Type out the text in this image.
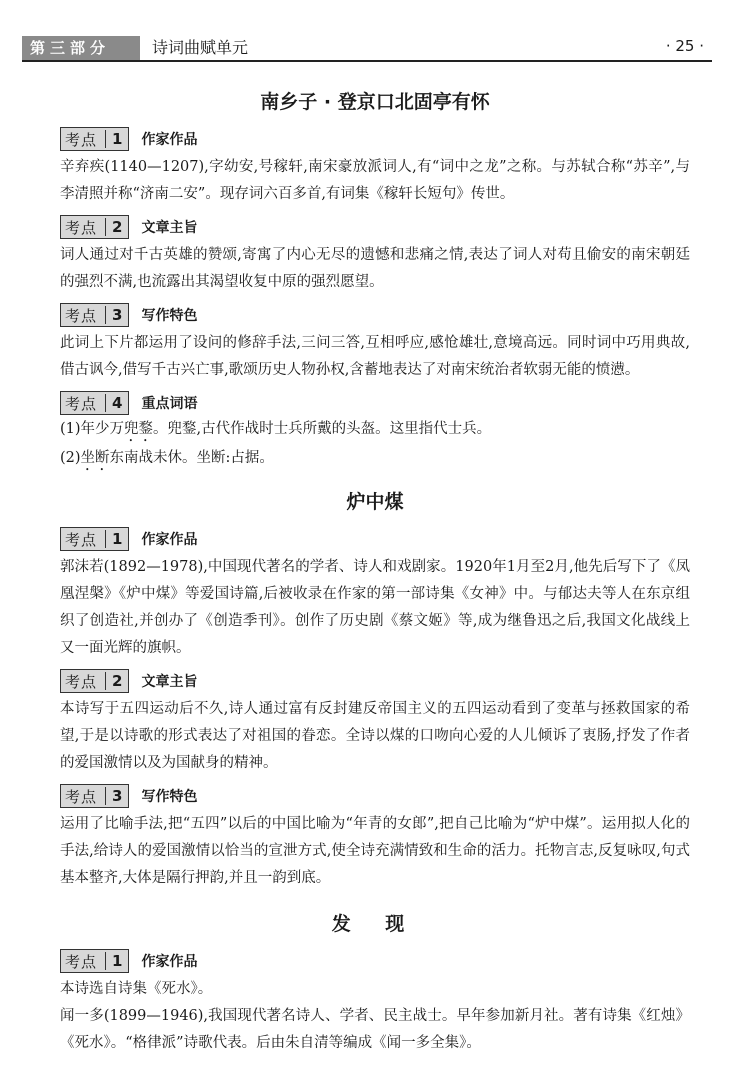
第三部分	诗词曲赋单元	· 25 ·
南乡子 · 登京口北固亭有怀
考点	1 作家作品

辛弃疾(1140—1207),字幼安,号稼轩,南宋豪放派词人,有“词中之龙”之称。与苏轼合称“苏辛”,与李清照并称“济南二安”。现存词六百多首,有词集《稼轩长短句》传世。

考点	2 文章主旨

词人通过对千古英雄的赞颂,寄寓了内心无尽的遗憾和悲痛之情,表达了词人对苟且偷安的南宋朝廷的强烈不满,也流露出其渴望收复中原的强烈愿望。

考点	3 写作特色

此词上下片都运用了设问的修辞手法,三问三答,互相呼应,感怆雄壮,意境高远。同时词中巧用典故,借古讽今,借写千古兴亡事,歌颂历史人物孙权,含蓄地表达了对南宋统治者软弱无能的愤懑。

考点	4 重点词语

(1)年少万兜鍪。兜鍪,古代作战时士兵所戴的头盔。这里指代士兵。

(2)坐断东南战未休。坐断:占据。

炉中煤
考点	1 作家作品

郭沫若(1892—1978),中国现代著名的学者、诗人和戏剧家。1920年1月至2月,他先后写下了《凤凰涅槃》《炉中煤》等爱国诗篇,后被收录在作家的第一部诗集《女神》中。与郁达夫等人在东京组织了创造社,并创办了《创造季刊》。创作了历史剧《蔡文姬》等,成为继鲁迅之后,我国文化战线上又一面光辉的旗帜。

考点	2 文章主旨

本诗写于五四运动后不久,诗人通过富有反封建反帝国主义的五四运动看到了变革与拯救国家的希望,于是以诗歌的形式表达了对祖国的眷恋。全诗以煤的口吻向心爱的人儿倾诉了衷肠,抒发了作者的爱国激情以及为国献身的精神。

考点	3 写作特色

运用了比喻手法,把“五四”以后的中国比喻为“年青的女郎”,把自己比喻为“炉中煤”。运用拟人化的手法,给诗人的爱国激情以恰当的宣泄方式,使全诗充满情致和生命的活力。托物言志,反复咏叹,句式基本整齐,大体是隔行押韵,并且一韵到底。

发 现
考点	1 作家作品

本诗选自诗集《死水》。

闻一多(1899—1946),我国现代著名诗人、学者、民主战士。早年参加新月社。著有诗集《红烛》《死水》。“格律派”诗歌代表。后由朱自清等编成《闻一多全集》。
